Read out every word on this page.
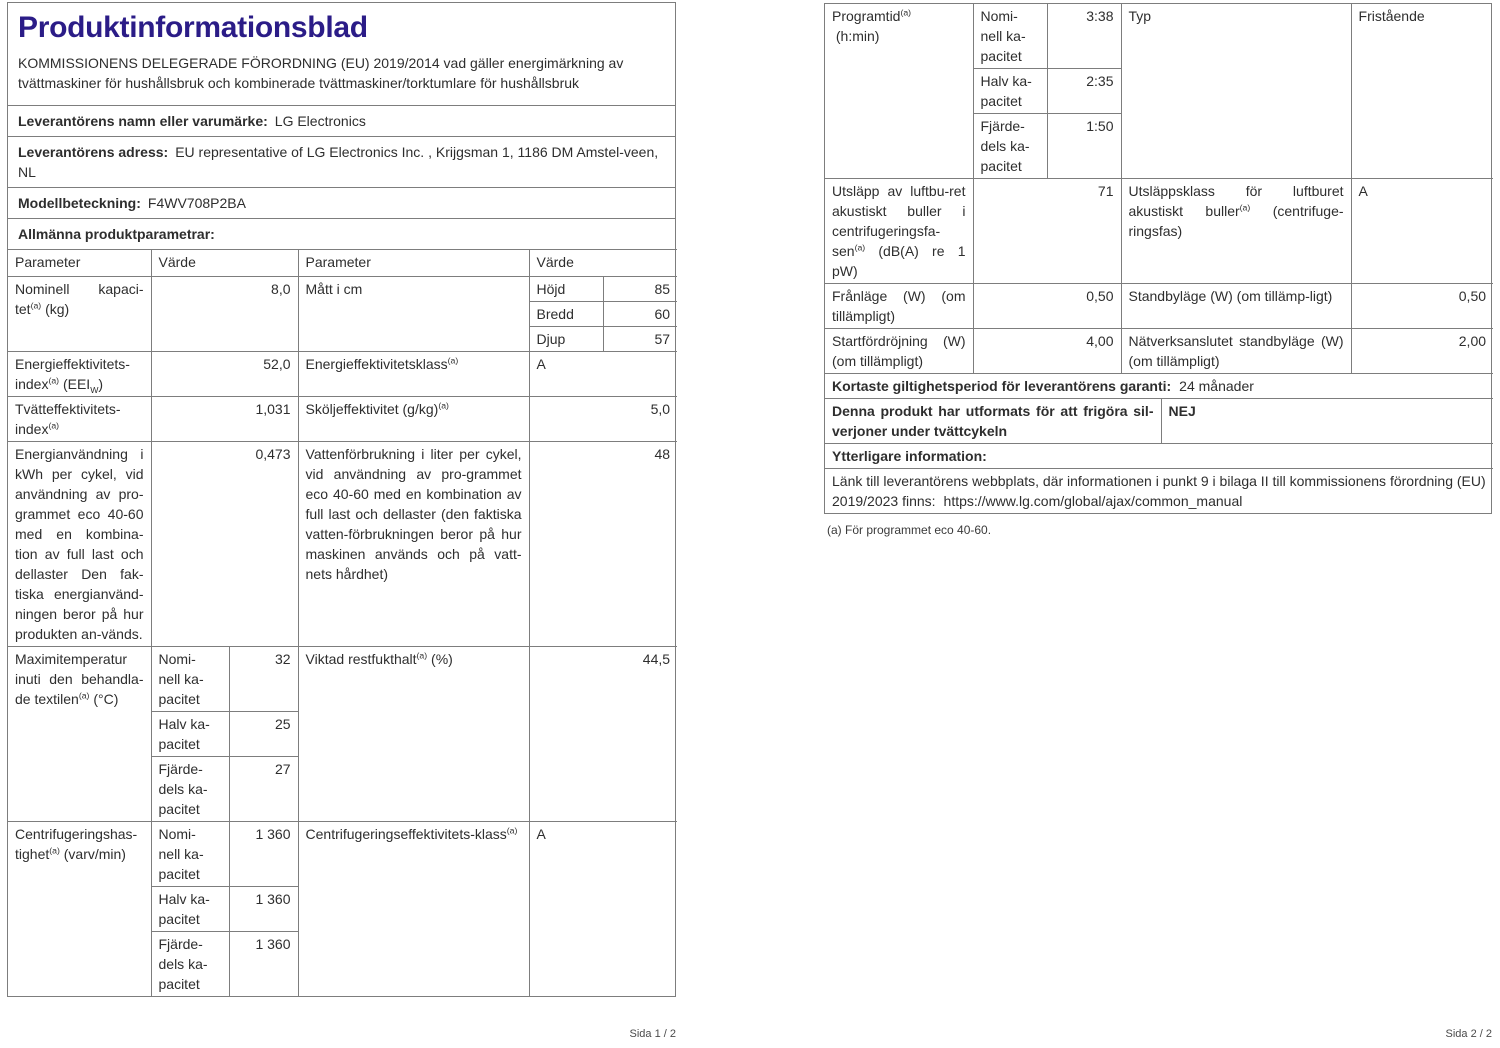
Produktinformationsblad
KOMMISSIONENS DELEGERADE FÖRORDNING (EU) 2019/2014 vad gäller energimärkning av tvättmaskiner för hushållsbruk och kombinerade tvättmaskiner/torktumlare för hushållsbruk
Leverantörens namn eller varumärke: LG Electronics
Leverantörens adress: EU representative of LG Electronics Inc. , Krijgsman 1, 1186 DM Amstel-veen, NL
Modellbeteckning: F4WV708P2BA
Allmänna produktparametrar:
Parameter	Värde		Parameter	Värde	
Nominell kapaci-tet$^{(a)}$ (kg)	8,0		Mått i cm	Höjd	85
				Bredd	60
				Djup	57
Energieffektivitets-index$^{(a)}$ $(EEI_W)$	52,0		Energieffektivitetsklass$^{(a)}$	A	
Tvätteffektivitets-index$^{(a)}$	1,031		Sköljeffektivitet $(g/kg)^{(a)}$	5,0	
Energianvändning i kWh per cykel, vid användning av pro-grammet eco 40-60 med en kombina-tion av full last och dellaster Den fak-tiska energianvänd-ningen beror på hur produkten an-vänds.	0,473		Vattenförbrukning i liter per cykel, vid användning av pro-grammet eco 40-60 med en kombination av full last och dellaster (den faktiska vatten-förbrukningen beror på hur maskinen används och på vatt-nets hårdhet)	48	
Maximitemperatur inuti den behandla-de textilen$^{(a)}$ (°C)	Nomi-
nell ka-
pacitet	32	Viktad restfukthalt$^{(a)}$ (%)	44,5	
	Halv ka-
pacitet	25			
	Fjärde-
dels ka-
pacitet	27			
Centrifugeringshas-tighet$^{(a)}$ (varv/min)	Nomi-
nell ka-
pacitet	1 360	Centrifugeringseffektivitets-klass$^{(a)}$	A	
	Halv ka-
pacitet	1 360			
	Fjärde-
dels ka-
pacitet	1 360			
Programtid$^{(a)}$
(h:min)	Nomi-
nell ka-
pacitet	3:38	Typ		Fristående
	Halv ka-
pacitet	2:35			
	Fjärde-
dels ka-
pacitet	1:50			
Utsläpp av luftbu-ret akustiskt buller i centrifugeringsfa-sen$^{(a)}$ (dB(A) re 1 pW)	71		Utsläppsklass för luftburet akustiskt buller$^{(a)}$ (centrifuge-ringsfas)		A
Frånläge (W) (om tillämpligt)	0,50		Standbyläge (W) (om tillämp-ligt)		0,50
Startfördröjning (W) (om tillämpligt)	4,00		Nätverksanslutet standbyläge (W) (om tillämpligt)		2,00
Kortaste giltighetsperiod för leverantörens garanti: 24 månader					
Denna produkt har utformats för att frigöra sil-verjoner under tvättcykeln				NEJ	
Ytterligare information:					
Länk till leverantörens webbplats, där informationen i punkt 9 i bilaga II till kommissionens förordning (EU) 2019/2023 finns: https://www.lg.com/global/ajax/common_manual					
(a) För programmet eco 40-60.
Sida 1 / 2	Sida 2 / 2
